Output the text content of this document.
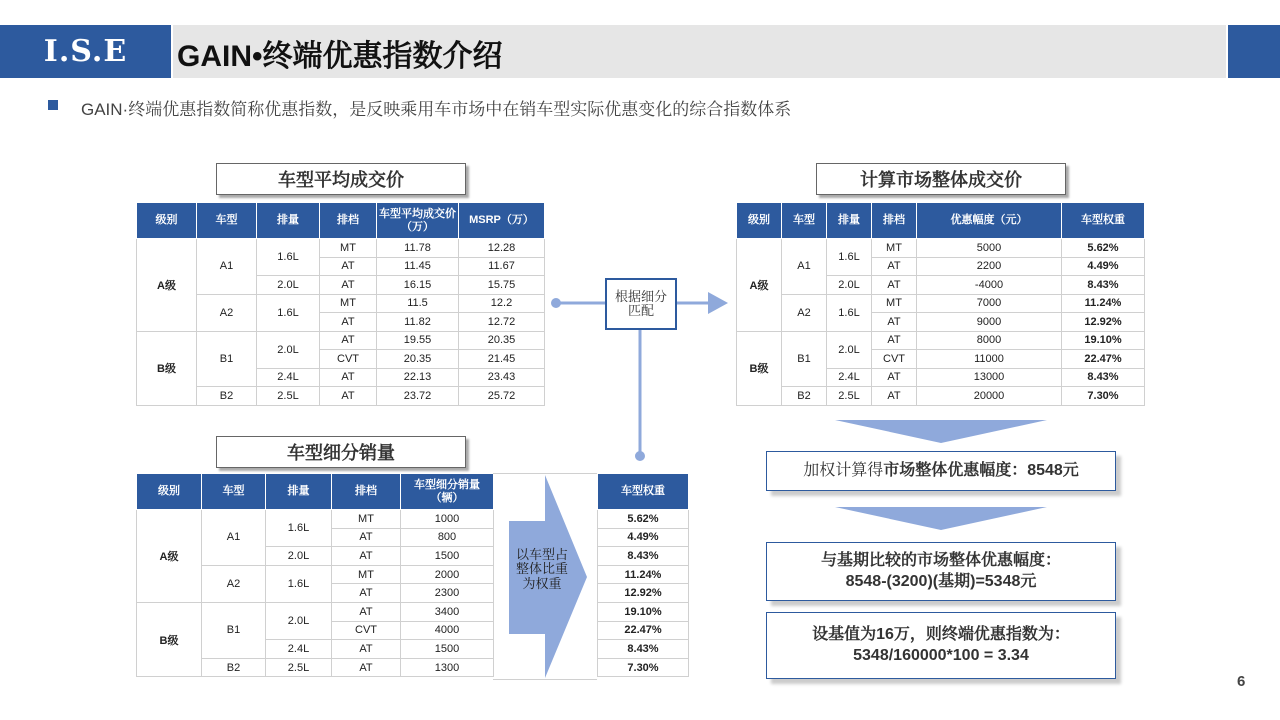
I.S.E	GAIN•终端优惠指数介绍
GAIN·终端优惠指数简称优惠指数，是反映乘用车市场中在销车型实际优惠变化的综合指数体系
车型平均成交价	计算市场整体成交价
车型细分销量
级别	车型	排量	排档	车型平均成交价（万）	MSRP（万）
A级	A1	1.6L	MT	11.78	12.28
			AT	11.45	11.67
		2.0L	AT	16.15	15.75
	A2	1.6L	MT	11.5	12.2
			AT	11.82	12.72
B级	B1	2.0L	AT	19.55	20.35
			CVT	20.35	21.45
		2.4L	AT	22.13	23.43
	B2	2.5L	AT	23.72	25.72
级别	车型	排量	排档	优惠幅度（元）	车型权重
A级	A1	1.6L	MT	5000	5.62%
			AT	2200	4.49%
		2.0L	AT	-4000	8.43%
	A2	1.6L	MT	7000	11.24%
			AT	9000	12.92%
B级	B1	2.0L	AT	8000	19.10%
			CVT	11000	22.47%
		2.4L	AT	13000	8.43%
	B2	2.5L	AT	20000	7.30%
级别	车型	排量	排档	车型细分销量（辆）
A级	A1	1.6L	MT	1000
			AT	800
		2.0L	AT	1500
	A2	1.6L	MT	2000
			AT	2300
B级	B1	2.0L	AT	3400
			CVT	4000
		2.4L	AT	1500
	B2	2.5L	AT	1300
车型权重
5.62%
4.49%
8.43%
11.24%
12.92%
19.10%
22.47%
8.43%
7.30%
根据细分匹配
以车型占整体比重为权重
加权计算得 市场整体优惠幅度：8548元
与基期比较的市场整体优惠幅度：
8548-(3200)(基期)=5348元
设基值为16万，则终端优惠指数为：
5348/160000*100 = 3.34
6
